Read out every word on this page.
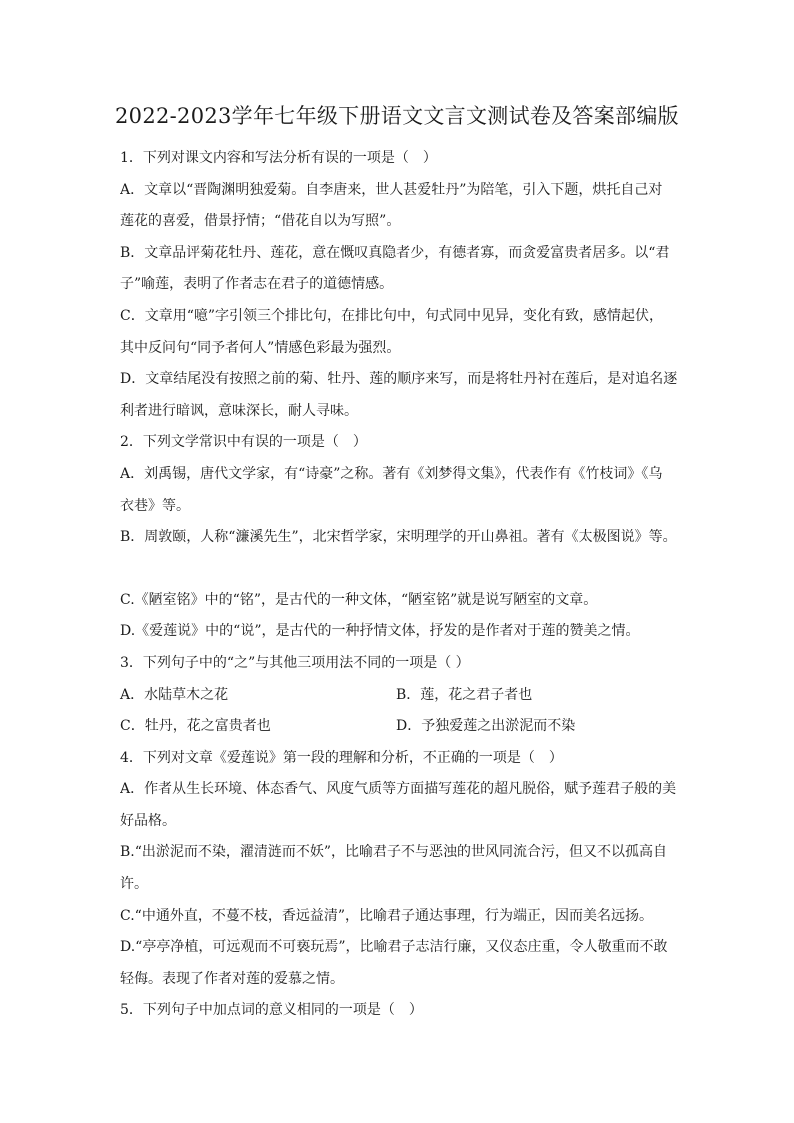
2022-2023学年七年级下册语文文言文测试卷及答案部编版
1．下列对课文内容和写法分析有误的一项是（　）
A．文章以“晋陶渊明独爱菊。自李唐来，世人甚爱牡丹”为陪笔，引入下题，烘托自己对
莲花的喜爱，借景抒情；“借花自以为写照”。
B．文章品评菊花牡丹、莲花，意在慨叹真隐者少，有德者寡，而贪爱富贵者居多。以“君
子”喻莲，表明了作者志在君子的道德情感。
C．文章用“噫”字引领三个排比句，在排比句中，句式同中见异，变化有致，感情起伏，
其中反问句“同予者何人”情感色彩最为强烈。
D．文章结尾没有按照之前的菊、牡丹、莲的顺序来写，而是将牡丹衬在莲后，是对追名逐
利者进行暗讽，意味深长，耐人寻味。
2．下列文学常识中有误的一项是（　）
A．刘禹锡，唐代文学家，有“诗豪”之称。著有《刘梦得文集》，代表作有《竹枝词》《乌
衣巷》等。
B．周敦颐，人称“濂溪先生”，北宋哲学家，宋明理学的开山鼻祖。著有《太极图说》等。
C.《陋室铭》中的“铭”，是古代的一种文体，“陋室铭”就是说写陋室的文章。
D.《爱莲说》中的“说”，是古代的一种抒情文体，抒发的是作者对于莲的赞美之情。
3．下列句子中的“之”与其他三项用法不同的一项是（ ）
A．水陆草木之花	B．莲，花之君子者也
C．牡丹，花之富贵者也	D．予独爱莲之出淤泥而不染
4．下列对文章《爱莲说》第一段的理解和分析，不正确的一项是（　）
A．作者从生长环境、体态香气、风度气质等方面描写莲花的超凡脱俗，赋予莲君子般的美
好品格。
B.“出淤泥而不染，濯清涟而不妖”，比喻君子不与恶浊的世风同流合污，但又不以孤高自
许。
C.“中通外直，不蔓不枝，香远益清”，比喻君子通达事理，行为端正，因而美名远扬。
D.“亭亭净植，可远观而不可亵玩焉”，比喻君子志洁行廉，又仪态庄重，令人敬重而不敢
轻侮。表现了作者对莲的爱慕之情。
5．下列句子中加点词的意义相同的一项是（　）
